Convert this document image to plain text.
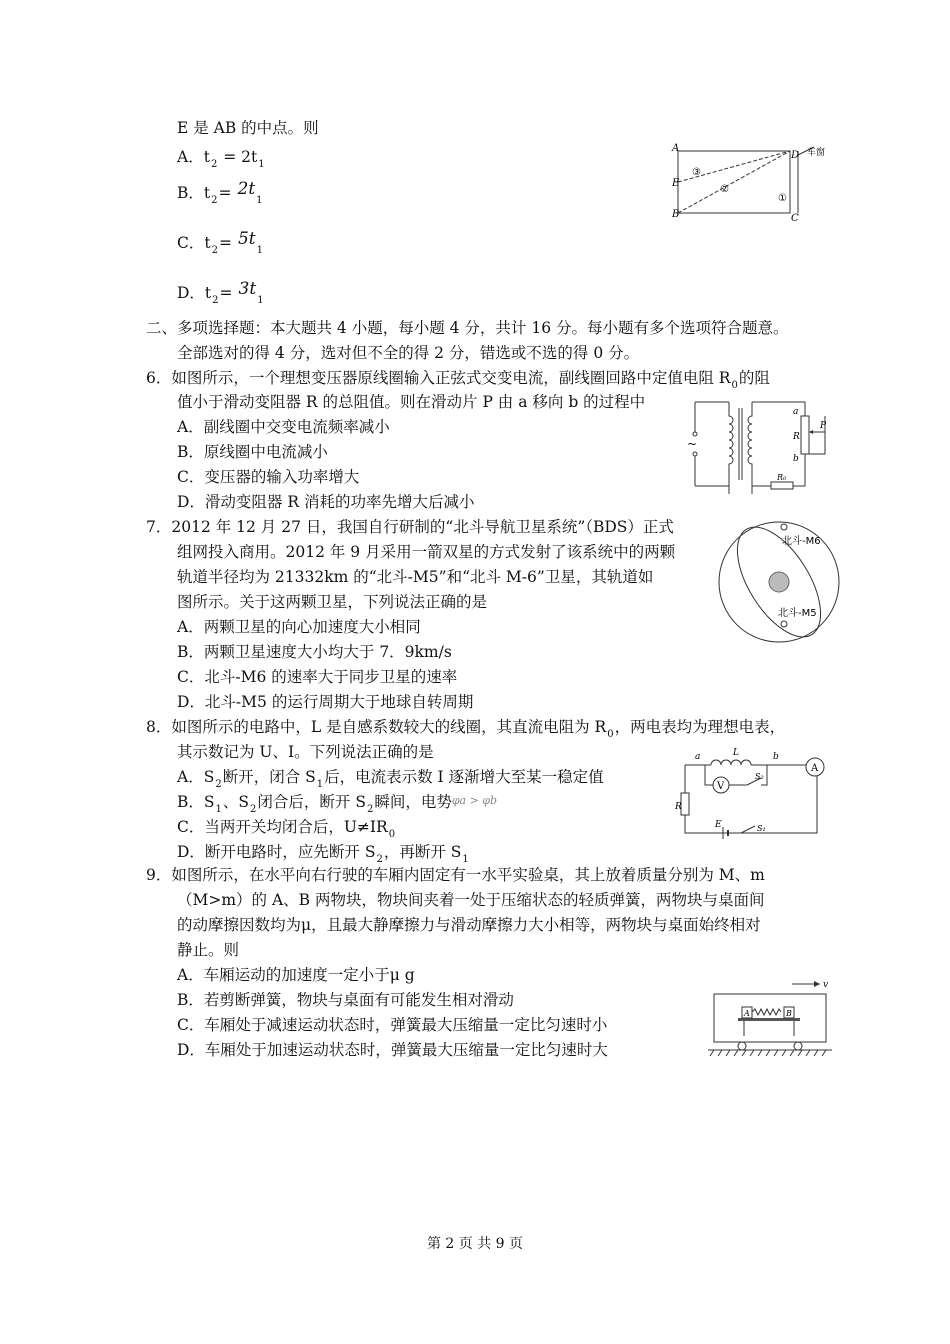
E 是 AB 的中点。则
A．$t_2 = 2t_1$
B．$t_2= 2t_1$
C．$t_2= 5t_1$
D．$t_2= 3t_1$
A
E
B
D
C
车窗
③
②
①
二、多项选择题：本大题共 4 小题，每小题 4 分，共计 16 分。每小题有多个选项符合题意。
全部选对的得 4 分，选对但不全的得 2 分，错选或不选的得 0 分。
6．如图所示，一个理想变压器原线圈输入正弦式交变电流，副线圈回路中定值电阻 $R_0$的阻
值小于滑动变阻器 R 的总阻值。则在滑动片 P 由 a 移向 b 的过程中
A．副线圈中交变电流频率减小
B．原线圈中电流减小
C．变压器的输入功率增大
D．滑动变阻器 R 消耗的功率先增大后减小
~
a
b
R
P
R₀
7．2012 年 12 月 27 日，我国自行研制的“北斗导航卫星系统”（BDS）正式
组网投入商用。2012 年 9 月采用一箭双星的方式发射了该系统中的两颗
轨道半径均为 21332km 的“北斗-M5”和“北斗 M-6”卫星，其轨道如
图所示。关于这两颗卫星，下列说法正确的是
A．两颗卫星的向心加速度大小相同
B．两颗卫星速度大小均大于 7．9km/s
C．北斗-M6 的速率大于同步卫星的速率
D．北斗-M5 的运行周期大于地球自转周期
北斗-M6
北斗-M5
8．如图所示的电路中，L 是自感系数较大的线圈，其直流电阻为 $R_0$，两电表均为理想电表，
其示数记为 U、I。下列说法正确的是
A．$S_2$断开，闭合 $S_1$后，电流表示数 I 逐渐增大至某一稳定值
B．$S_1$、$S_2$闭合后，断开 $S_2$瞬间，电势φa > φb
C．当两开关均闭合后，$U\ne IR_0$
D．断开电路时，应先断开 $S_2$，再断开 $S_1$
A
V
a	L	b
S₂
R
E	S₁
9．如图所示，在水平向右行驶的车厢内固定有一水平实验桌，其上放着质量分别为 M、m
（M>m）的 A、B 两物块，物块间夹着一处于压缩状态的轻质弹簧，两物块与桌面间
的动摩擦因数均为μ，且最大静摩擦力与滑动摩擦力大小相等，两物块与桌面始终相对
静止。则
A．车厢运动的加速度一定小于μ g
B．若剪断弹簧，物块与桌面有可能发生相对滑动
C．车厢处于减速运动状态时，弹簧最大压缩量一定比匀速时小
D．车厢处于加速运动状态时，弹簧最大压缩量一定比匀速时大
v
A	B
第 2 页 共 9 页
